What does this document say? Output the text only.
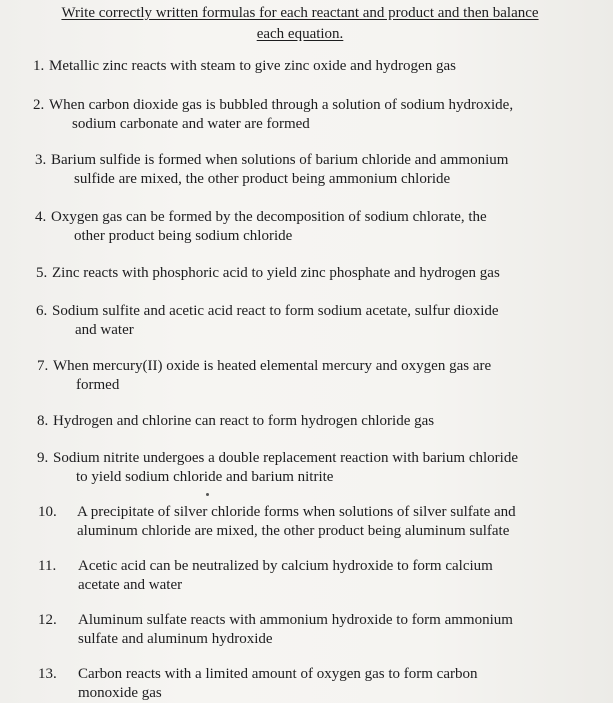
Write correctly written formulas for each reactant and product and then balance
each equation.
1. Metallic zinc reacts with steam to give zinc oxide and hydrogen gas
2. When carbon dioxide gas is bubbled through a solution of sodium hydroxide,
sodium carbonate and water are formed
3. Barium sulfide is formed when solutions of barium chloride and ammonium
sulfide are mixed, the other product being ammonium chloride
4. Oxygen gas can be formed by the decomposition of sodium chlorate, the
other product being sodium chloride
5. Zinc reacts with phosphoric acid to yield zinc phosphate and hydrogen gas
6. Sodium sulfite and acetic acid react to form sodium acetate, sulfur dioxide
and water
7. When mercury(II) oxide is heated elemental mercury and oxygen gas are
formed
8. Hydrogen and chlorine can react to form hydrogen chloride gas
9. Sodium nitrite undergoes a double replacement reaction with barium chloride
to yield sodium chloride and barium nitrite
10. A precipitate of silver chloride forms when solutions of silver sulfate and
aluminum chloride are mixed, the other product being aluminum sulfate
11. Acetic acid can be neutralized by calcium hydroxide to form calcium
acetate and water
12. Aluminum sulfate reacts with ammonium hydroxide to form ammonium
sulfate and aluminum hydroxide
13. Carbon reacts with a limited amount of oxygen gas to form carbon
monoxide gas
